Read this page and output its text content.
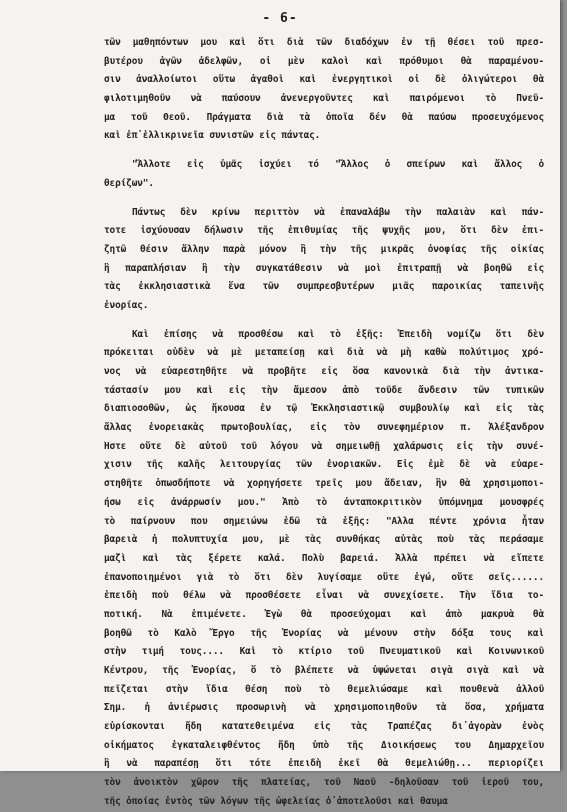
- 6-
τῶν μαθηπόντων μου καὶ ὅτι διὰ τῶν διαδόχων ἐν τῇ θέσει τοῦ πρεσ-
βυτέρου ἀγῶν ἀδελφῶν, οἱ μὲν καλοὶ καὶ πρόθυμοι θὰ παραμένου-
σιν ἀναλλοίωτοι οὕτω ἀγαθοὶ καὶ ἐνεργητικοὶ οἱ δὲ ὀλιγώτεροι θὰ
φιλοτιμηθοῦν νὰ παύσουν ἀνενεργοῦντες καὶ παιρόμενοι τὸ Πνεῦ-
μα τοῦ Θεοῦ. Πράγματα διὰ τὰ ὁποῖα δέν θὰ παύσω προσευχόμενος
καὶ ἐπ᾽ἐλλικρινεῖα συνιστῶν εἰς πάντας.
"Ἄλλοτε εἰς ὑμᾶς ἰσχύει τό "Ἄλλος ὁ σπείρων καὶ ἄλλος ὁ
θερίζων".
Πάντως δὲν κρίνω περιττὸν νὰ ἐπαναλάβω τὴν παλαιὰν καὶ πάν-
τοτε ἰσχύουσαν δήλωσιν τῆς ἐπιθυμίας τῆς ψυχῆς μου, ὅτι δὲν ἐπι-
ζητῶ θέσιν ἄλλην παρὰ μόνον ἢ τὴν τῆς μικρᾶς ὀνοφίας τῆς οἰκίας
ἢ παραπλήσιαν ἢ τὴν συγκατάθεσιν νὰ μοὶ ἐπιτραπῇ νὰ βοηθῶ εἰς
τὰς ἐκκλησιαστικὰ ἕνα τῶν συμπρεσβυτέρων μιᾶς παροικίας ταπεινῆς
ἐνορίας.
Καὶ ἐπίσης νὰ προσθέσω καὶ τὸ ἑξῆς: Ἐπειδὴ νομίζω ὅτι δὲν
πρόκειται οὐδὲν νὰ μὲ μεταπείσῃ καὶ διὰ νὰ μὴ καθὼ πολύτιμος χρό-
νος νὰ εὐαρεστηθῆτε νὰ προβῆτε εἰς ὅσα κανονικὰ διὰ τὴν ἀντικα-
τάστασίν μου καὶ εἰς τὴν ἄμεσον ἀπὸ τοῦδε ἄνδεσιν τῶν τυπικῶν
διαπιοσοθῶν, ὡς ἤκουσα ἐν τῷ Ἐκκλησιαστικῷ συμβουλίῳ καὶ εἰς τὰς
ἄλλας ἐνορειακὰς πρωτοβουλίας, εἰς τὸν συνεφημέριον π. Ἀλέξανδρον
Ἤστε οὔτε δὲ αὐτοῦ τοῦ λόγου νὰ σημειωθῇ χαλάρωσις εἰς τὴν συνέ-
χισιν τῆς καλῆς λειτουργίας τῶν ἐνοριακῶν. Εἰς ἐμὲ δὲ νὰ εὐαρε-
στηθῆτε ὁπωσδήποτε νὰ χορηγήσετε τρεῖς μου ἄδειαν, ἣν θὰ χρησιμοποι-
ήσω εἰς ἀνάρρωσίν μου." Ἀπὸ τὸ ἀνταποκριτικὸν ὑπόμνημα μουσφρές
τὸ παίρνουν που σημειώνω ἐδῶ τὰ ἑξῆς: "Αλλα πέντε χρόνια ἦταν
βαρειὰ ἡ πολυπτυχία μου, μὲ τὰς συνθήκας αὐτὰς ποὺ τὰς περάσαμε
μαζὶ καὶ τὰς ξέρετε καλά. Πολὺ βαρειά. Ἀλλὰ πρέπει νὰ εἴπετε
ἐπανοποιημένοι γιὰ τὸ ὅτι δὲν λυγίσαμε οὔτε ἐγώ, οὔτε σεῖς......
ἐπειδὴ ποὺ θέλω νὰ προσθέσετε εἶναι νὰ συνεχίσετε. Τὴν ἴδια το-
ποτική. Νὰ ἐπιμένετε. Ἐγὼ θὰ προσεύχομαι καὶ ἀπὸ μακρυὰ θὰ
βοηθῶ τὸ Καλὸ Ἔργο τῆς Ἐνορίας νὰ μένουν στὴν δόξα τους καὶ
στὴν τιμή τους.... Καὶ τὸ κτίριο τοῦ Πνευματικοῦ καὶ Κοινωνικοῦ
Κέντρου, τῆς Ἐνορίας, ὅ τὸ βλέπετε νὰ ὑψώνεται σιγὰ σιγὰ καὶ νὰ
πεῖζεται στὴν ἴδια θέση ποὺ τὸ θεμελιώσαμε καὶ πουθενὰ ἀλλοῦ
Σημ. ἡ ἀνιέρωσις προσωρινὴ νὰ χρησιμοποιηθοῦν τὰ ὅσα, χρήματα
εὑρίσκονται ἤδη κατατεθειμένα εἰς τὰς Τραπέζας δι᾽ἀγορὰν ἑνὸς
οἰκήματος ἐγκαταλειφθέντος ἤδη ὑπὸ τῆς Διοικήσεως του Δημαρχεῖου
ἢ νὰ παραπέσῃ ὅτι τότε ἐπειδὴ ἐκεῖ θὰ θεμελιώθῃ... περιορίζει
τὸν ἀνοικτὸν χῶρον τῆς πλατείας, τοῦ Ναοῦ -δηλοῦσαν τοῦ ἱεροῦ του,
τῆς ὁποίας ἐντὸς τῶν λόγων τῆς ὠφελείας ὁ᾽ἀποτελοῦσι καὶ θαυμα
